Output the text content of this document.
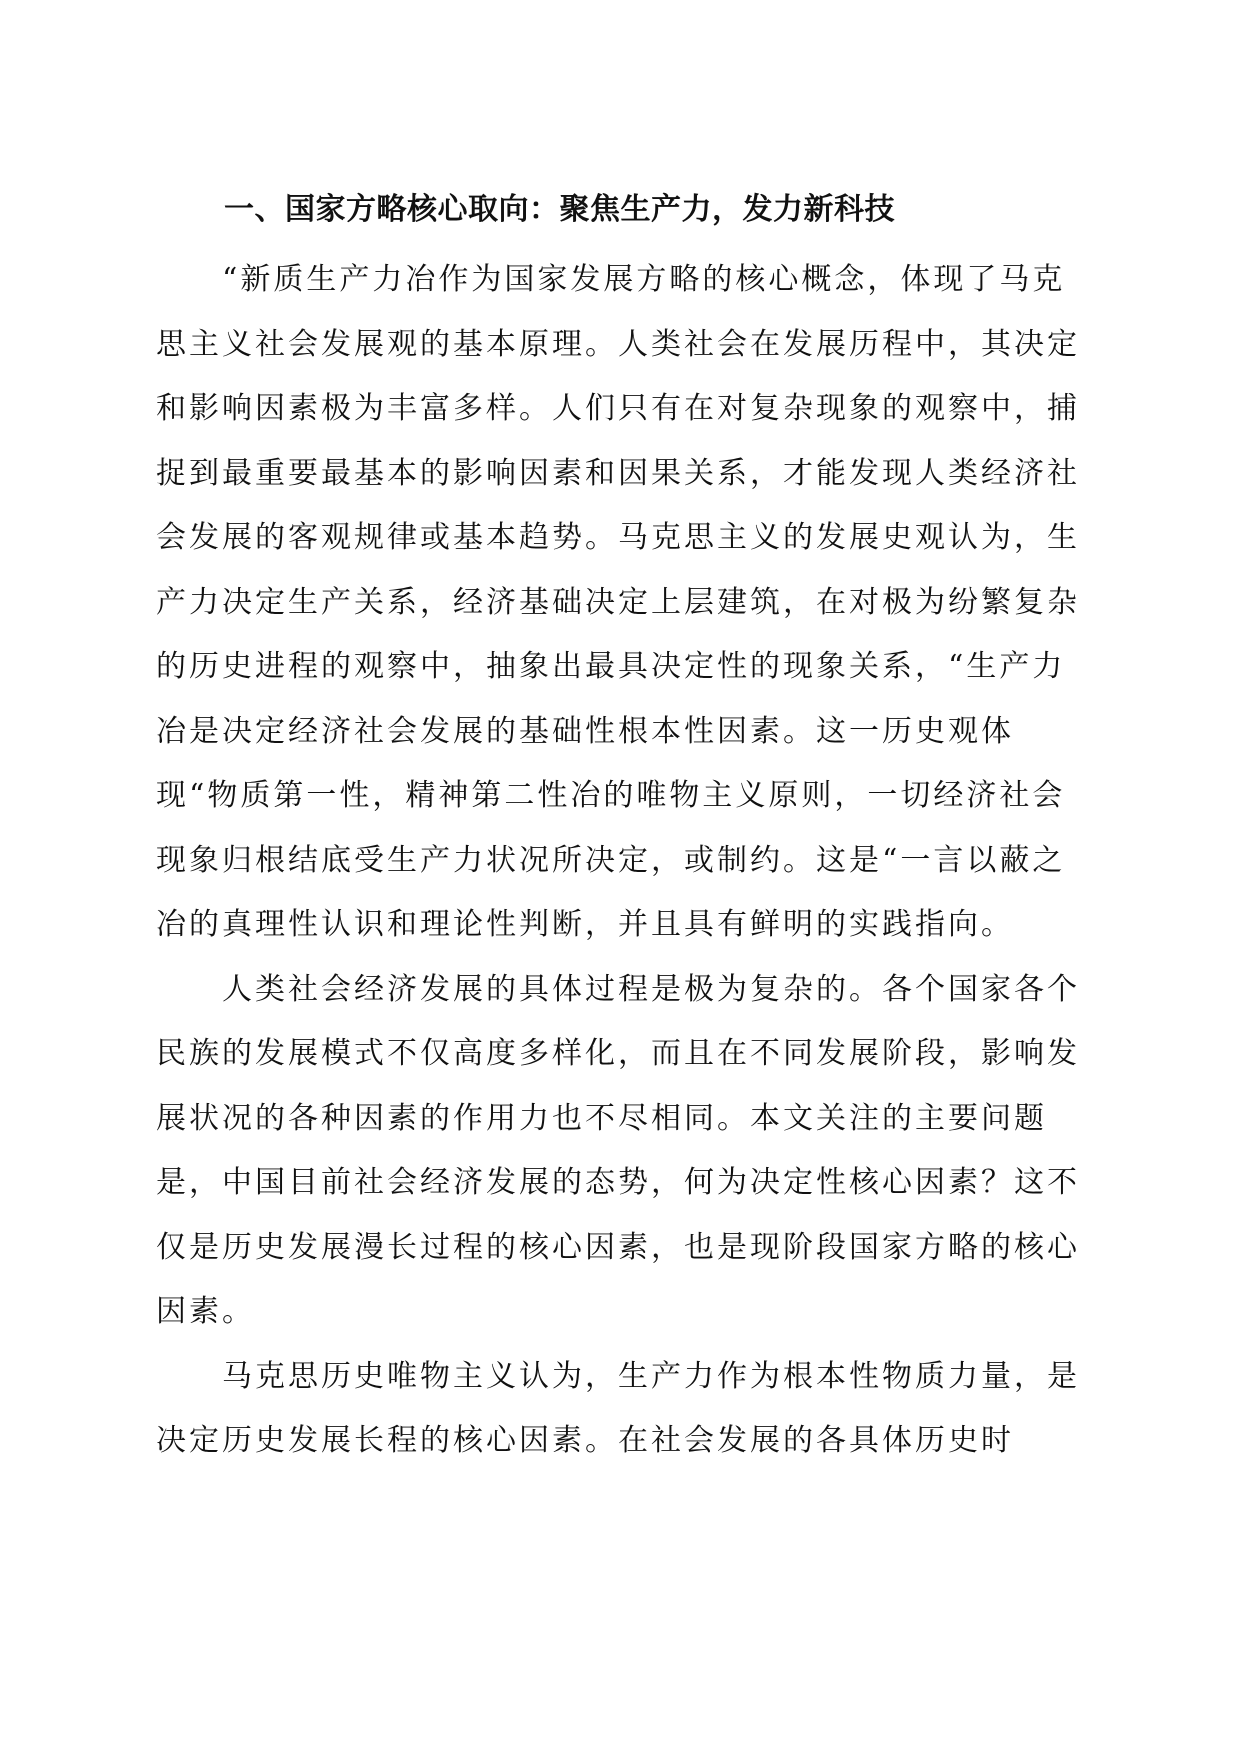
一、国家方略核心取向：聚焦生产力，发力新科技

“新质生产力冶作为国家发展方略的核心概念，体现了马克思主义社会发展观的基本原理。人类社会在发展历程中，其决定和影响因素极为丰富多样。人们只有在对复杂现象的观察中，捕捉到最重要最基本的影响因素和因果关系，才能发现人类经济社会发展的客观规律或基本趋势。马克思主义的发展史观认为，生产力决定生产关系，经济基础决定上层建筑，在对极为纷繁复杂的历史进程的观察中，抽象出最具决定性的现象关系，“生产力冶是决定经济社会发展的基础性根本性因素。这一历史观体现“物质第一性，精神第二性冶的唯物主义原则，一切经济社会现象归根结底受生产力状况所决定，或制约。这是“一言以蔽之冶的真理性认识和理论性判断，并且具有鲜明的实践指向。

人类社会经济发展的具体过程是极为复杂的。各个国家各个民族的发展模式不仅高度多样化，而且在不同发展阶段，影响发展状况的各种因素的作用力也不尽相同。本文关注的主要问题是，中国目前社会经济发展的态势，何为决定性核心因素？这不仅是历史发展漫长过程的核心因素，也是现阶段国家方略的核心因素。

马克思历史唯物主义认为，生产力作为根本性物质力量，是决定历史发展长程的核心因素。在社会发展的各具体历史时
